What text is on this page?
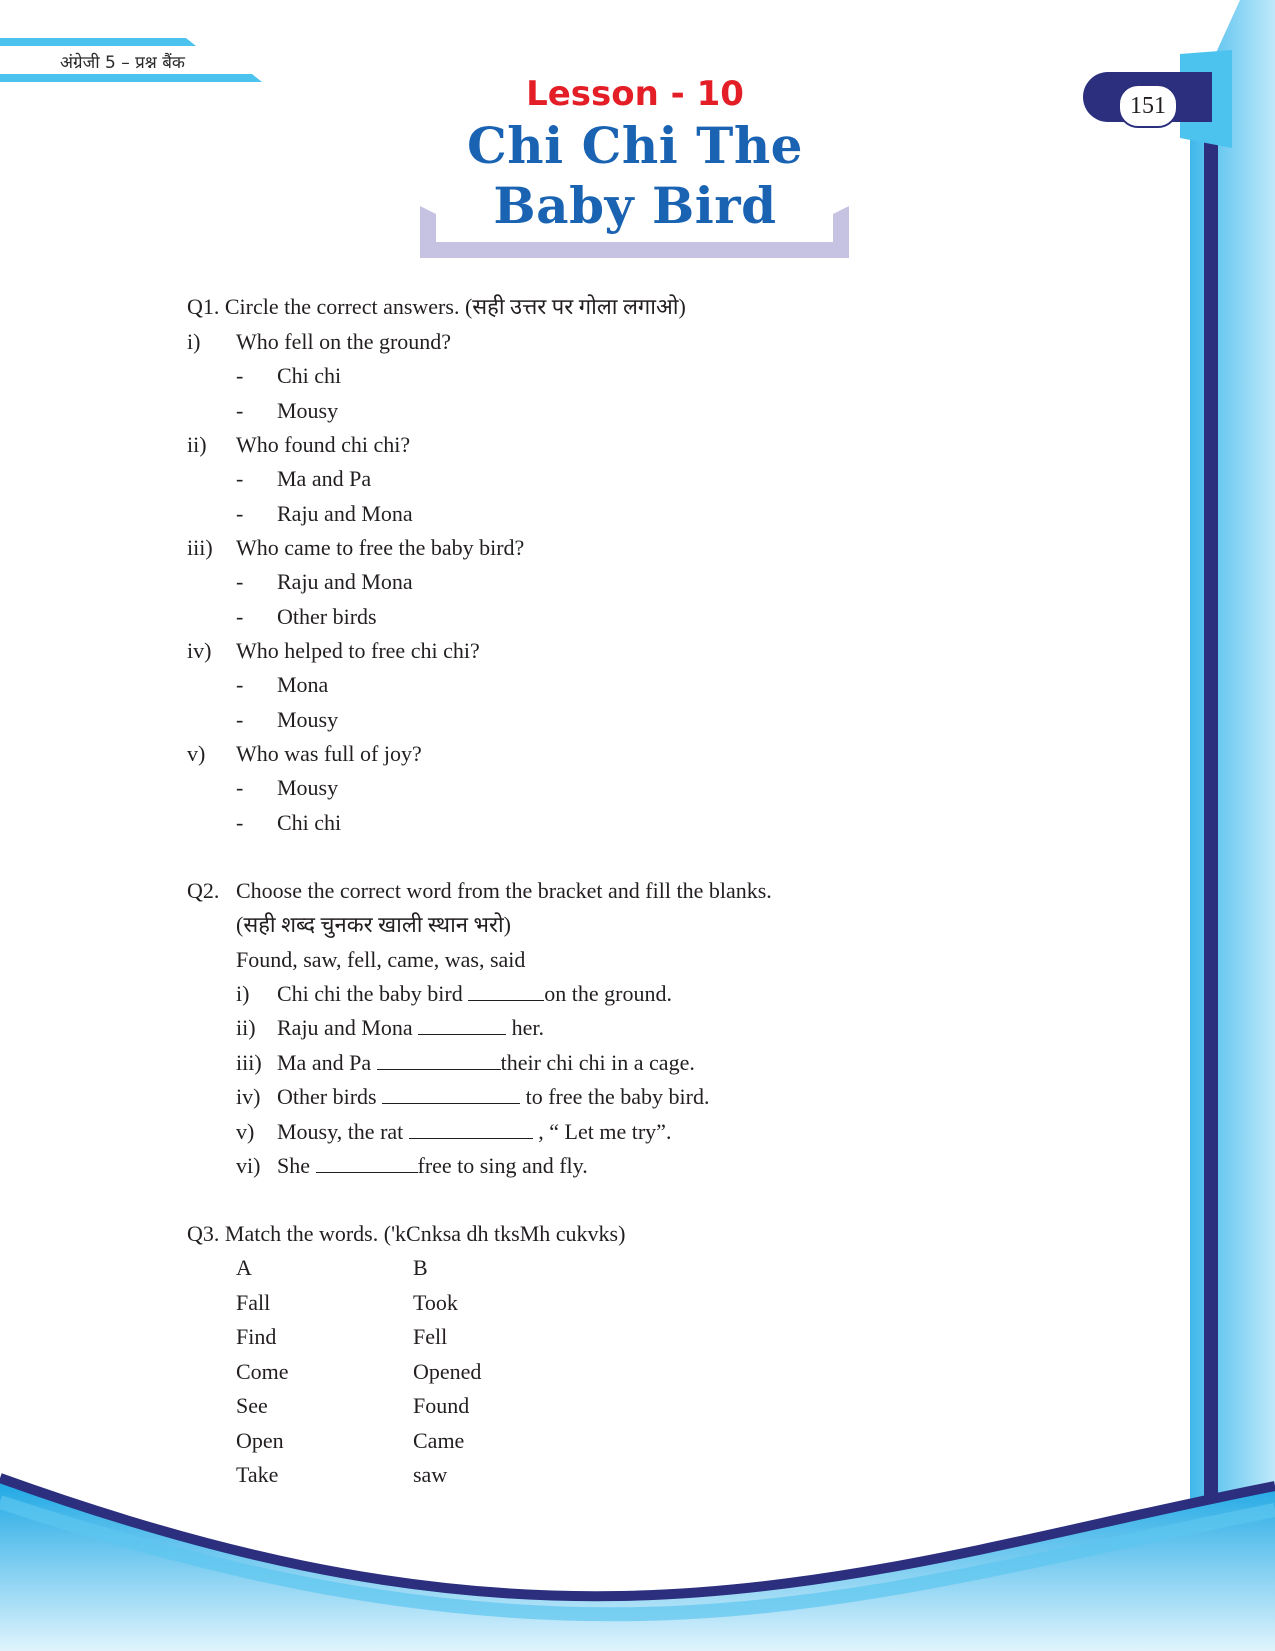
अंग्रेजी 5 – प्रश्न बैंक
151
Lesson - 10
Chi Chi The
Baby Bird
Q1. Circle the correct answers. (सही उत्तर पर गोला लगाओ)
i) Who fell on the ground?
- Chi chi
- Mousy
ii) Who found chi chi?
- Ma and Pa
- Raju and Mona
iii) Who came to free the baby bird?
- Raju and Mona
- Other birds
iv) Who helped to free chi chi?
- Mona
- Mousy
v) Who was full of joy?
- Mousy
- Chi chi
Q2. Choose the correct word from the bracket and fill the blanks.
(सही शब्द चुनकर खाली स्थान भरो)
Found, saw, fell, came, was, said
i) Chi chi the baby bird	on the ground.
ii) Raju and Mona	her.
iii) Ma and Pa	their chi chi in a cage.
iv) Other birds	to free the baby bird.
v) Mousy, the rat	, “ Let me try”.
vi) She	free to sing and fly.
Q3. Match the words. ('kCnksa dh tksMh cukvks)
A	B
Fall	Took
Find	Fell
Come	Opened
See	Found
Open	Came
Take	saw
